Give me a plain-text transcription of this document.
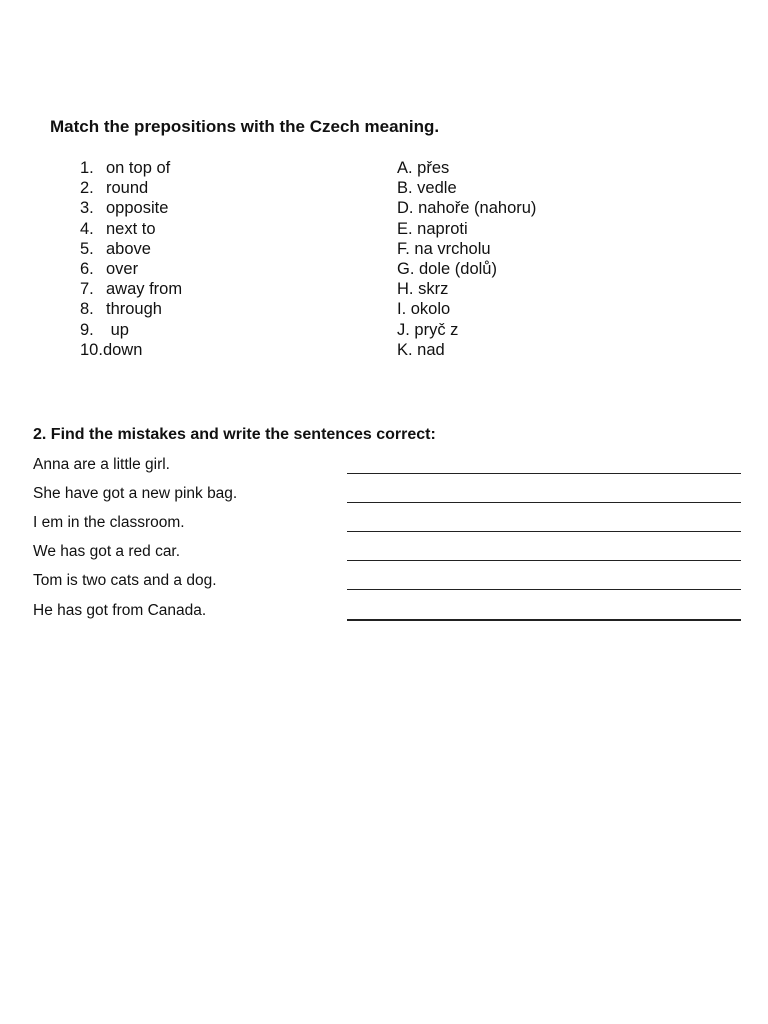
Match the prepositions with the Czech meaning.
1. on top of
2. round
3. opposite
4. next to
5. above
6. over
7. away from
8. through
9. up
10. down
A. přes
B. vedle
D. nahoře (nahoru)
E. naproti
F. na vrcholu
G. dole (dolů)
H. skrz
I. okolo
J. pryč z
K. nad
2. Find the mistakes and write the sentences correct:
Anna are a little girl.
She have got a new pink bag.
I em in the classroom.
We has got a red car.
Tom is two cats and a dog.
He has got from Canada.
